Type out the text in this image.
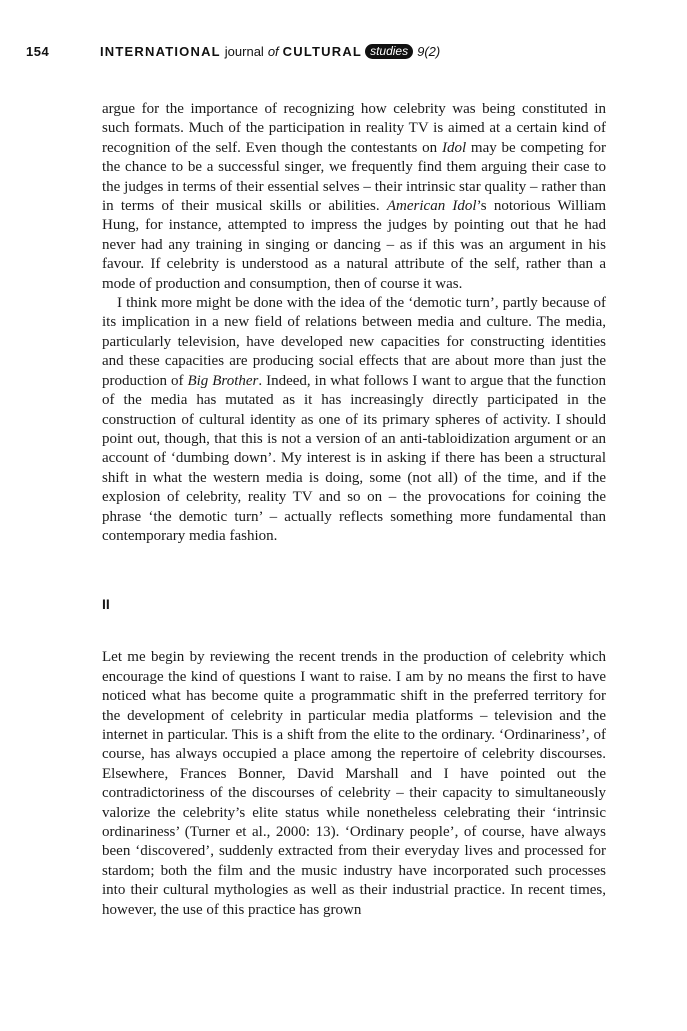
154	INTERNATIONAL journal of CULTURAL studies 9(2)

argue for the importance of recognizing how celebrity was being constituted in such formats. Much of the participation in reality TV is aimed at a certain kind of recognition of the self. Even though the contestants on Idol may be competing for the chance to be a successful singer, we frequently find them arguing their case to the judges in terms of their essential selves – their intrinsic star quality – rather than in terms of their musical skills or abilities. American Idol’s notorious William Hung, for instance, attempted to impress the judges by pointing out that he had never had any training in singing or dancing – as if this was an argument in his favour. If celebrity is understood as a natural attribute of the self, rather than a mode of production and consumption, then of course it was.

I think more might be done with the idea of the ‘demotic turn’, partly because of its implication in a new field of relations between media and culture. The media, particularly television, have developed new capacities for constructing identities and these capacities are producing social effects that are about more than just the production of Big Brother. Indeed, in what follows I want to argue that the function of the media has mutated as it has increasingly directly participated in the construction of cultural identity as one of its primary spheres of activity. I should point out, though, that this is not a version of an anti-tabloidization argument or an account of ‘dumbing down’. My interest is in asking if there has been a structural shift in what the western media is doing, some (not all) of the time, and if the explosion of celebrity, reality TV and so on – the provocations for coining the phrase ‘the demotic turn’ – actually reflects something more fundamental than contemporary media fashion.

II

Let me begin by reviewing the recent trends in the production of celebrity which encourage the kind of questions I want to raise. I am by no means the first to have noticed what has become quite a programmatic shift in the preferred territory for the development of celebrity in particular media platforms – television and the internet in particular. This is a shift from the elite to the ordinary. ‘Ordinariness’, of course, has always occupied a place among the repertoire of celebrity discourses. Elsewhere, Frances Bonner, David Marshall and I have pointed out the contradictoriness of the discourses of celebrity – their capacity to simultaneously valorize the celebrity’s elite status while nonetheless celebrating their ‘intrinsic ordinariness’ (Turner et al., 2000: 13). ‘Ordinary people’, of course, have always been ‘discovered’, suddenly extracted from their everyday lives and processed for stardom; both the film and the music industry have incorporated such processes into their cultural mythologies as well as their industrial practice. In recent times, however, the use of this practice has grown
